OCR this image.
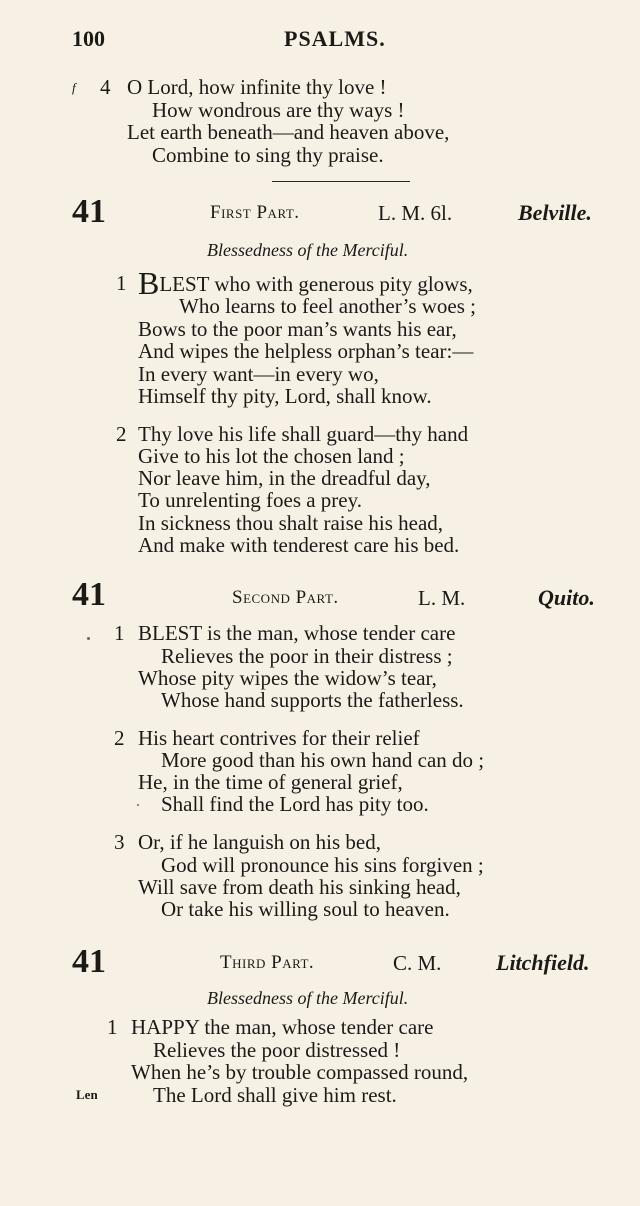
100	PSALMS.
f 4 O Lord, how infinite thy love !
How wondrous are thy ways !
Let earth beneath—and heaven above,
Combine to sing thy praise.
41	First Part.	L. M. 6l.	Belville.
Blessedness of the Merciful.
1 BLEST who with generous pity glows,
Who learns to feel another’s woes ;
Bows to the poor man’s wants his ear,
And wipes the helpless orphan’s tear:—
In every want—in every wo,
Himself thy pity, Lord, shall know.
2 Thy love his life shall guard—thy hand
Give to his lot the chosen land ;
Nor leave him, in the dreadful day,
To unrelenting foes a prey.
In sickness thou shalt raise his head,
And make with tenderest care his bed.
41	Second Part.	L. M.	Quito.
1 BLEST is the man, whose tender care
Relieves the poor in their distress ;
Whose pity wipes the widow’s tear,
Whose hand supports the fatherless.
2 His heart contrives for their relief
More good than his own hand can do ;
He, in the time of general grief,
Shall find the Lord has pity too.
3 Or, if he languish on his bed,
God will pronounce his sins forgiven ;
Will save from death his sinking head,
Or take his willing soul to heaven.
41	Third Part.	C. M. Litchfield.
Blessedness of the Merciful.
1 HAPPY the man, whose tender care
Relieves the poor distressed !
When he’s by trouble compassed round,
Len	The Lord shall give him rest.
